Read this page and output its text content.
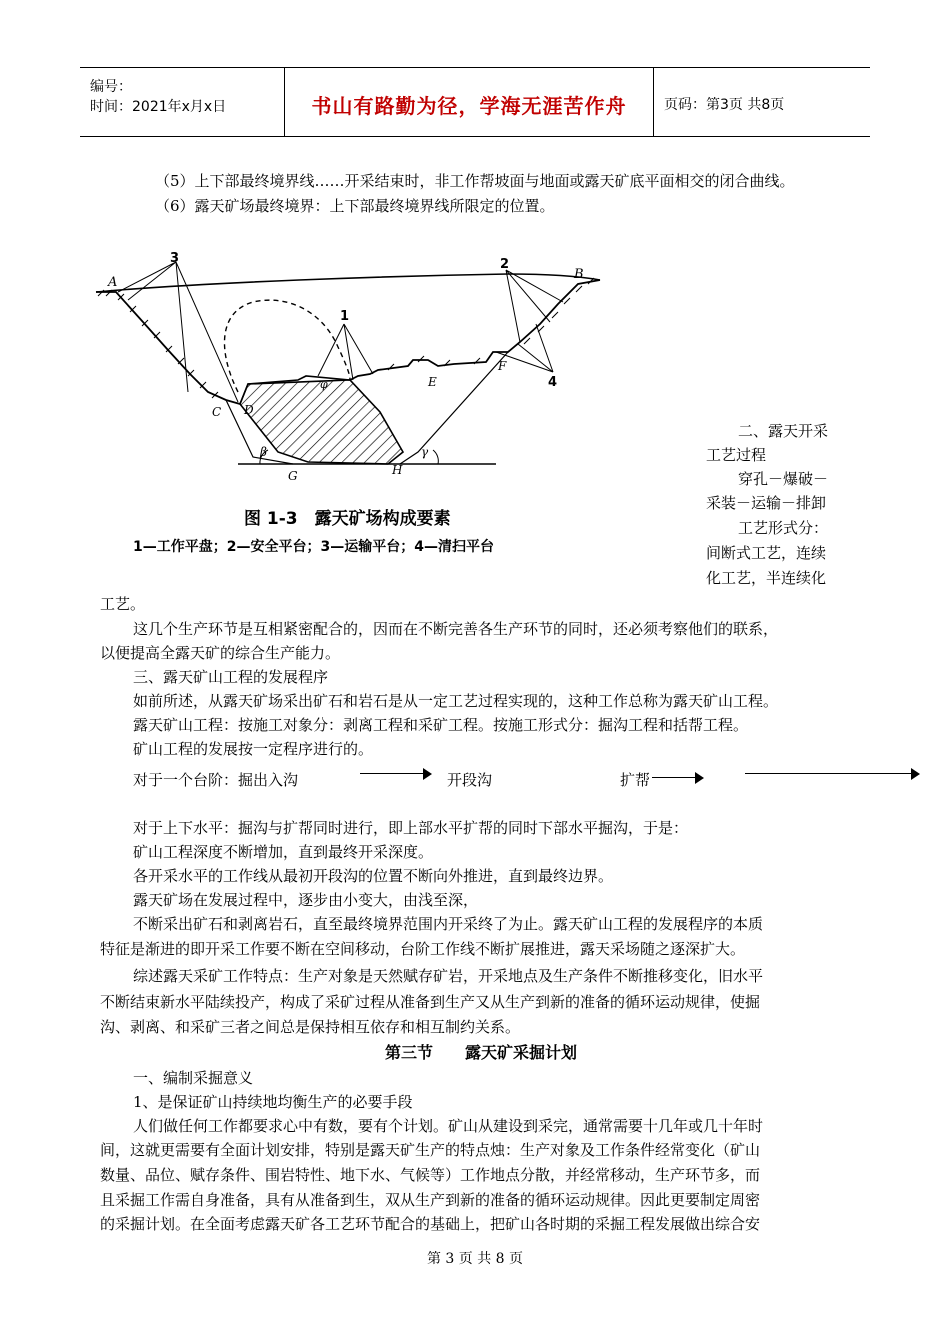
编号：
时间：2021年x月x日	书山有路勤为径，学海无涯苦作舟	页码：第3页 共8页
（5）上下部最终境界线……开采结束时，非工作帮坡面与地面或露天矿底平面相交的闭合曲线。
（6）露天矿场最终境界：上下部最终境界线所限定的位置。
A
B
C D
E
F
G	H
β	γ
φ
1
2
3
4
图 1-3　露天矿场构成要素
1—工作平盘；2—安全平台；3—运输平台；4—清扫平台
二、露天开采
工艺过程
穿孔－爆破－
采装－运输－排卸
工艺形式分：
间断式工艺，连续
化工艺，半连续化
工艺。
这几个生产环节是互相紧密配合的，因而在不断完善各生产环节的同时，还必须考察他们的联系，
以便提高全露天矿的综合生产能力。
三、露天矿山工程的发展程序
如前所述，从露天矿场采出矿石和岩石是从一定工艺过程实现的，这种工作总称为露天矿山工程。
露天矿山工程：按施工对象分：剥离工程和采矿工程。按施工形式分：掘沟工程和括帮工程。
矿山工程的发展按一定程序进行的。
对于一个台阶：掘出入沟	开段沟	扩帮
对于上下水平：掘沟与扩帮同时进行，即上部水平扩帮的同时下部水平掘沟，于是：
矿山工程深度不断增加，直到最终开采深度。
各开采水平的工作线从最初开段沟的位置不断向外推进，直到最终边界。
露天矿场在发展过程中，逐步由小变大，由浅至深，
不断采出矿石和剥离岩石，直至最终境界范围内开采终了为止。露天矿山工程的发展程序的本质
特征是渐进的即开采工作要不断在空间移动，台阶工作线不断扩展推进，露天采场随之逐深扩大。
综述露天采矿工作特点：生产对象是天然赋存矿岩，开采地点及生产条件不断推移变化，旧水平
不断结束新水平陆续投产，构成了采矿过程从准备到生产又从生产到新的准备的循环运动规律，使掘
沟、剥离、和采矿三者之间总是保持相互依存和相互制约关系。
第三节　　露天矿采掘计划
一、编制采掘意义
1、是保证矿山持续地均衡生产的必要手段
人们做任何工作都要求心中有数，要有个计划。矿山从建设到采完，通常需要十几年或几十年时
间，这就更需要有全面计划安排，特别是露天矿生产的特点烛：生产对象及工作条件经常变化（矿山
数量、品位、赋存条件、围岩特性、地下水、气候等）工作地点分散，并经常移动，生产环节多，而
且采掘工作需自身准备，具有从准备到生，双从生产到新的准备的循环运动规律。因此更要制定周密
的采掘计划。在全面考虑露天矿各工艺环节配合的基础上，把矿山各时期的采掘工程发展做出综合安
第 3 页 共 8 页
